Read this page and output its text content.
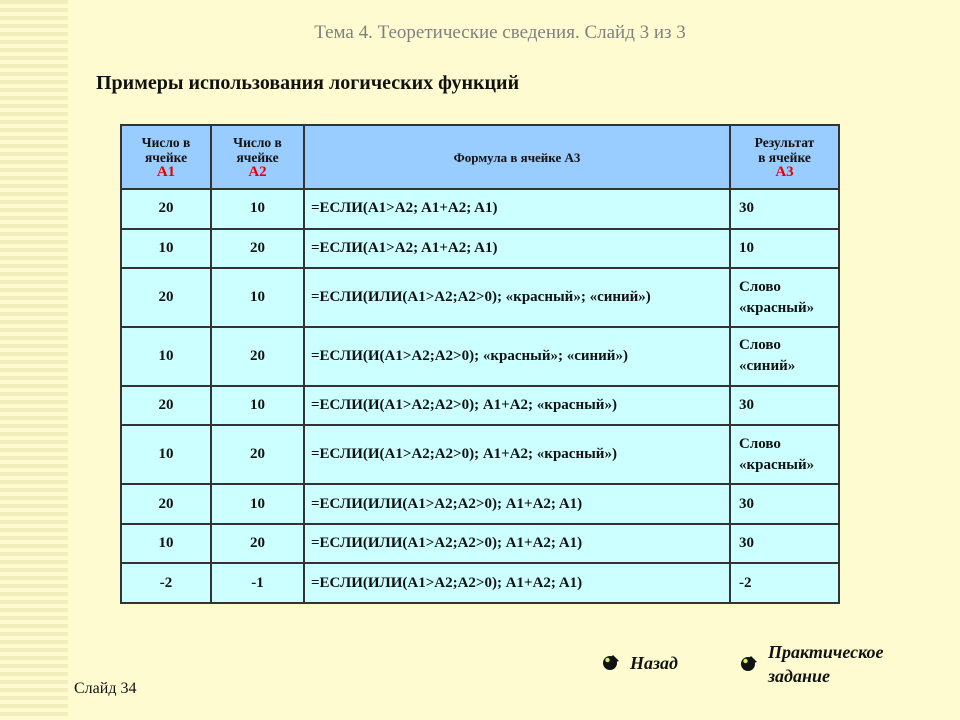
Тема 4. Теоретические сведения. Слайд 3 из 3
Примеры использования логических функций
Число в
ячейке
A1	Число в
ячейке
A2	Формула в ячейке A3	Результат
в ячейке
A3

20	10	=ЕСЛИ(A1>A2; A1+A2; A1)	30
10	20	=ЕСЛИ(A1>A2; A1+A2; A1)	10
20	10	=ЕСЛИ(ИЛИ(A1>A2;A2>0); «красный»; «синий»)	Слово
«красный»

10	20	=ЕСЛИ(И(A1>A2;A2>0); «красный»; «синий»)	Слово
«синий»

20	10	=ЕСЛИ(И(A1>A2;A2>0); A1+A2; «красный»)	30
10	20	=ЕСЛИ(И(A1>A2;A2>0); A1+A2; «красный»)	Слово
«красный»

20	10	=ЕСЛИ(ИЛИ(A1>A2;A2>0); A1+A2; A1)	30
10	20	=ЕСЛИ(ИЛИ(A1>A2;A2>0); A1+A2; A1)	30
-2	-1	=ЕСЛИ(ИЛИ(A1>A2;A2>0); A1+A2; A1)	-2
Назад
Практическое
задание
Слайд 34
